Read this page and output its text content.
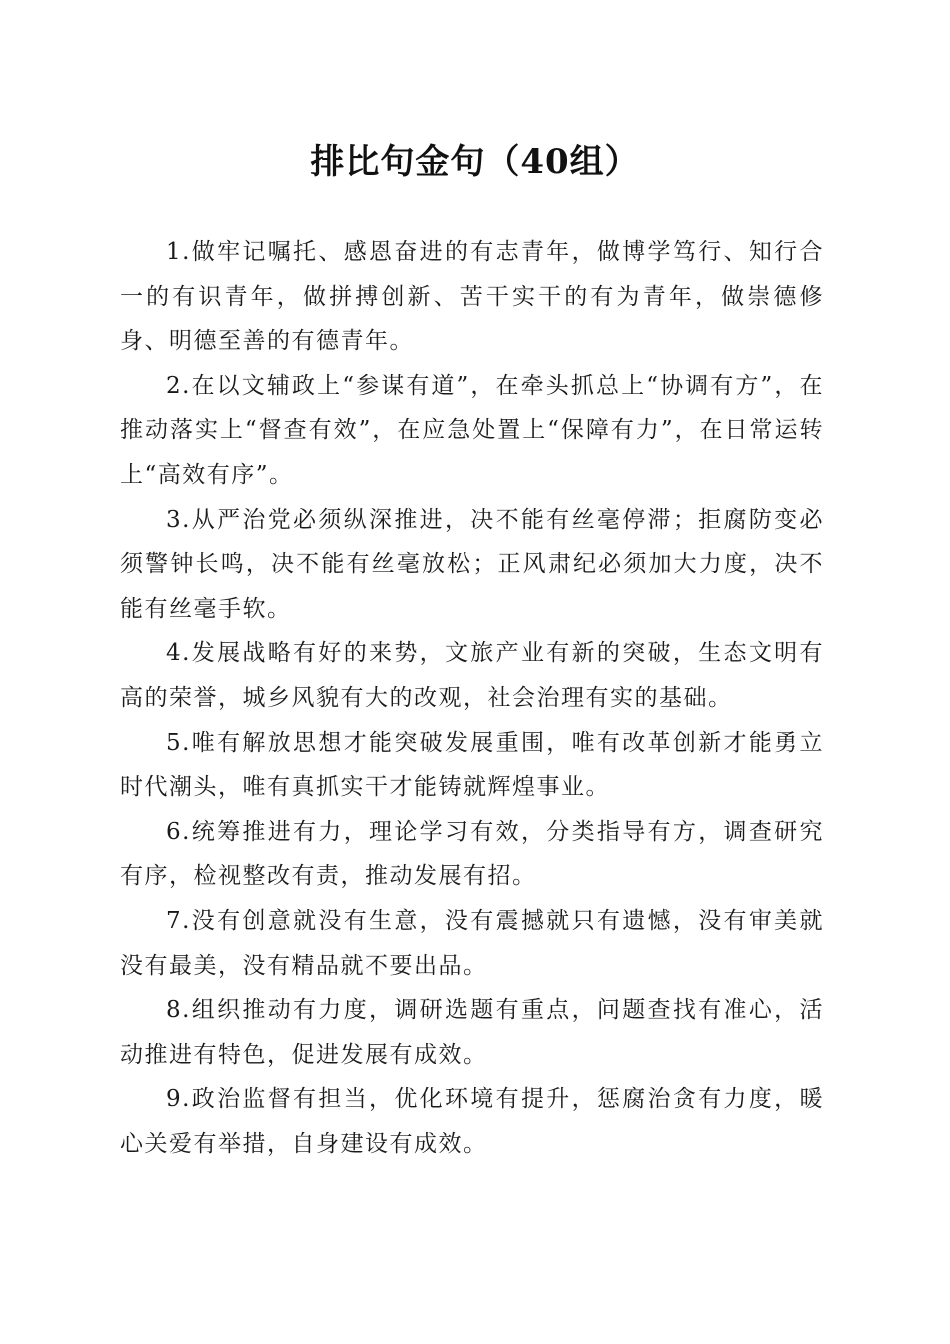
排比句金句（40组）

1.做牢记嘱托、感恩奋进的有志青年，做博学笃行、知行合一的有识青年，做拼搏创新、苦干实干的有为青年，做崇德修身、明德至善的有德青年。

2.在以文辅政上“参谋有道”，在牵头抓总上“协调有方”，在推动落实上“督查有效”，在应急处置上“保障有力”，在日常运转上“高效有序”。

3.从严治党必须纵深推进，决不能有丝毫停滞；拒腐防变必须警钟长鸣，决不能有丝毫放松；正风肃纪必须加大力度，决不能有丝毫手软。

4.发展战略有好的来势，文旅产业有新的突破，生态文明有高的荣誉，城乡风貌有大的改观，社会治理有实的基础。

5.唯有解放思想才能突破发展重围，唯有改革创新才能勇立时代潮头，唯有真抓实干才能铸就辉煌事业。

6.统筹推进有力，理论学习有效，分类指导有方，调查研究有序，检视整改有责，推动发展有招。

7.没有创意就没有生意，没有震撼就只有遗憾，没有审美就没有最美，没有精品就不要出品。

8.组织推动有力度，调研选题有重点，问题查找有准心，活动推进有特色，促进发展有成效。

9.政治监督有担当，优化环境有提升，惩腐治贪有力度，暖心关爱有举措，自身建设有成效。
